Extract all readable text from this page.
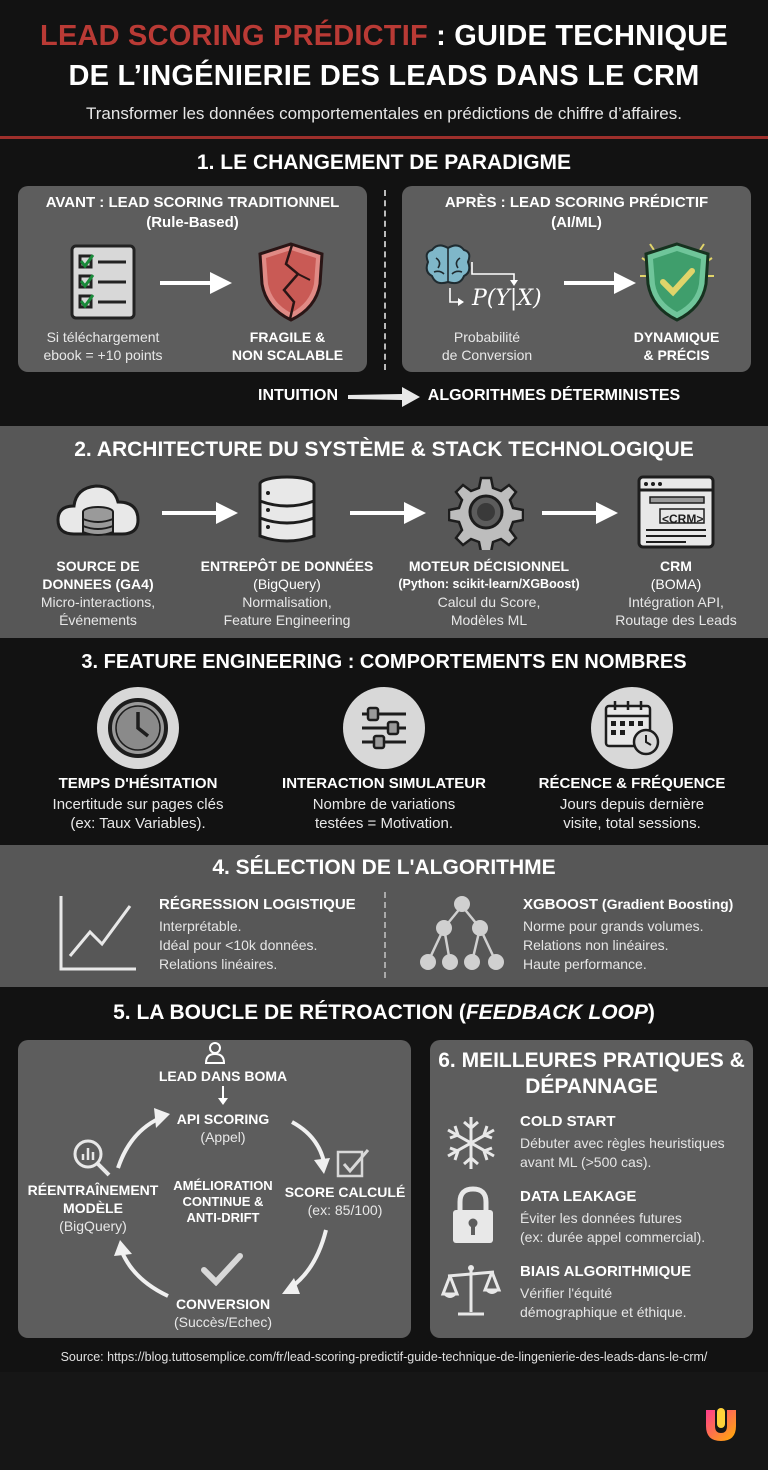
LEAD SCORING PRÉDICTIF : GUIDE TECHNIQUE
DE L’INGÉNIERIE DES LEADS DANS LE CRM
Transformer les données comportementales en prédictions de chiffre d’affaires.
1. LE CHANGEMENT DE PARADIGME
AVANT : LEAD SCORING TRADITIONNEL
(Rule-Based)
Si téléchargement
ebook = +10 points
FRAGILE &
NON SCALABLE
APRÈS : LEAD SCORING PRÉDICTIF
(AI/ML)
P(Y|X)
Probabilité
de Conversion
DYNAMIQUE
& PRÉCIS
INTUITION	ALGORITHMES DÉTERMINISTES
2. ARCHITECTURE DU SYSTÈME & STACK TECHNOLOGIQUE
<CRM>
SOURCE DE
DONNEES (GA4)
Micro-interactions,
Événements
ENTREPÔT DE DONNÉES
(BigQuery)
Normalisation,
Feature Engineering
MOTEUR DÉCISIONNEL
(Python: scikit-learn/XGBoost)
Calcul du Score,
Modèles ML
CRM
(BOMA)
Intégration API,
Routage des Leads
3. FEATURE ENGINEERING : COMPORTEMENTS EN NOMBRES
TEMPS D'HÉSITATION
Incertitude sur pages clés
(ex: Taux Variables).
INTERACTION SIMULATEUR
Nombre de variations
testées = Motivation.
RÉCENCE & FRÉQUENCE
Jours depuis dernière
visite, total sessions.
4. SÉLECTION DE L'ALGORITHME
RÉGRESSION LOGISTIQUE
Interprétable.
Idéal pour <10k données.
Relations linéaires.
XGBOOST (Gradient Boosting)
Norme pour grands volumes.
Relations non linéaires.
Haute performance.
5. LA BOUCLE DE RÉTROACTION (FEEDBACK LOOP)
LEAD DANS BOMA
API SCORING
(Appel)
SCORE CALCULÉ
(ex: 85/100)
CONVERSION
(Succès/Echec)
RÉENTRAÎNEMENT
MODÈLE
(BigQuery)
AMÉLIORATION
CONTINUE &
ANTI-DRIFT
6. MEILLEURES PRATIQUES &
DÉPANNAGE
COLD START
Débuter avec règles heuristiques
avant ML (>500 cas).
DATA LEAKAGE
Éviter les données futures
(ex: durée appel commercial).
BIAIS ALGORITHMIQUE
Vérifier l'équité
démographique et éthique.
Source: https://blog.tuttosemplice.com/fr/lead-scoring-predictif-guide-technique-de-lingenierie-des-leads-dans-le-crm/
